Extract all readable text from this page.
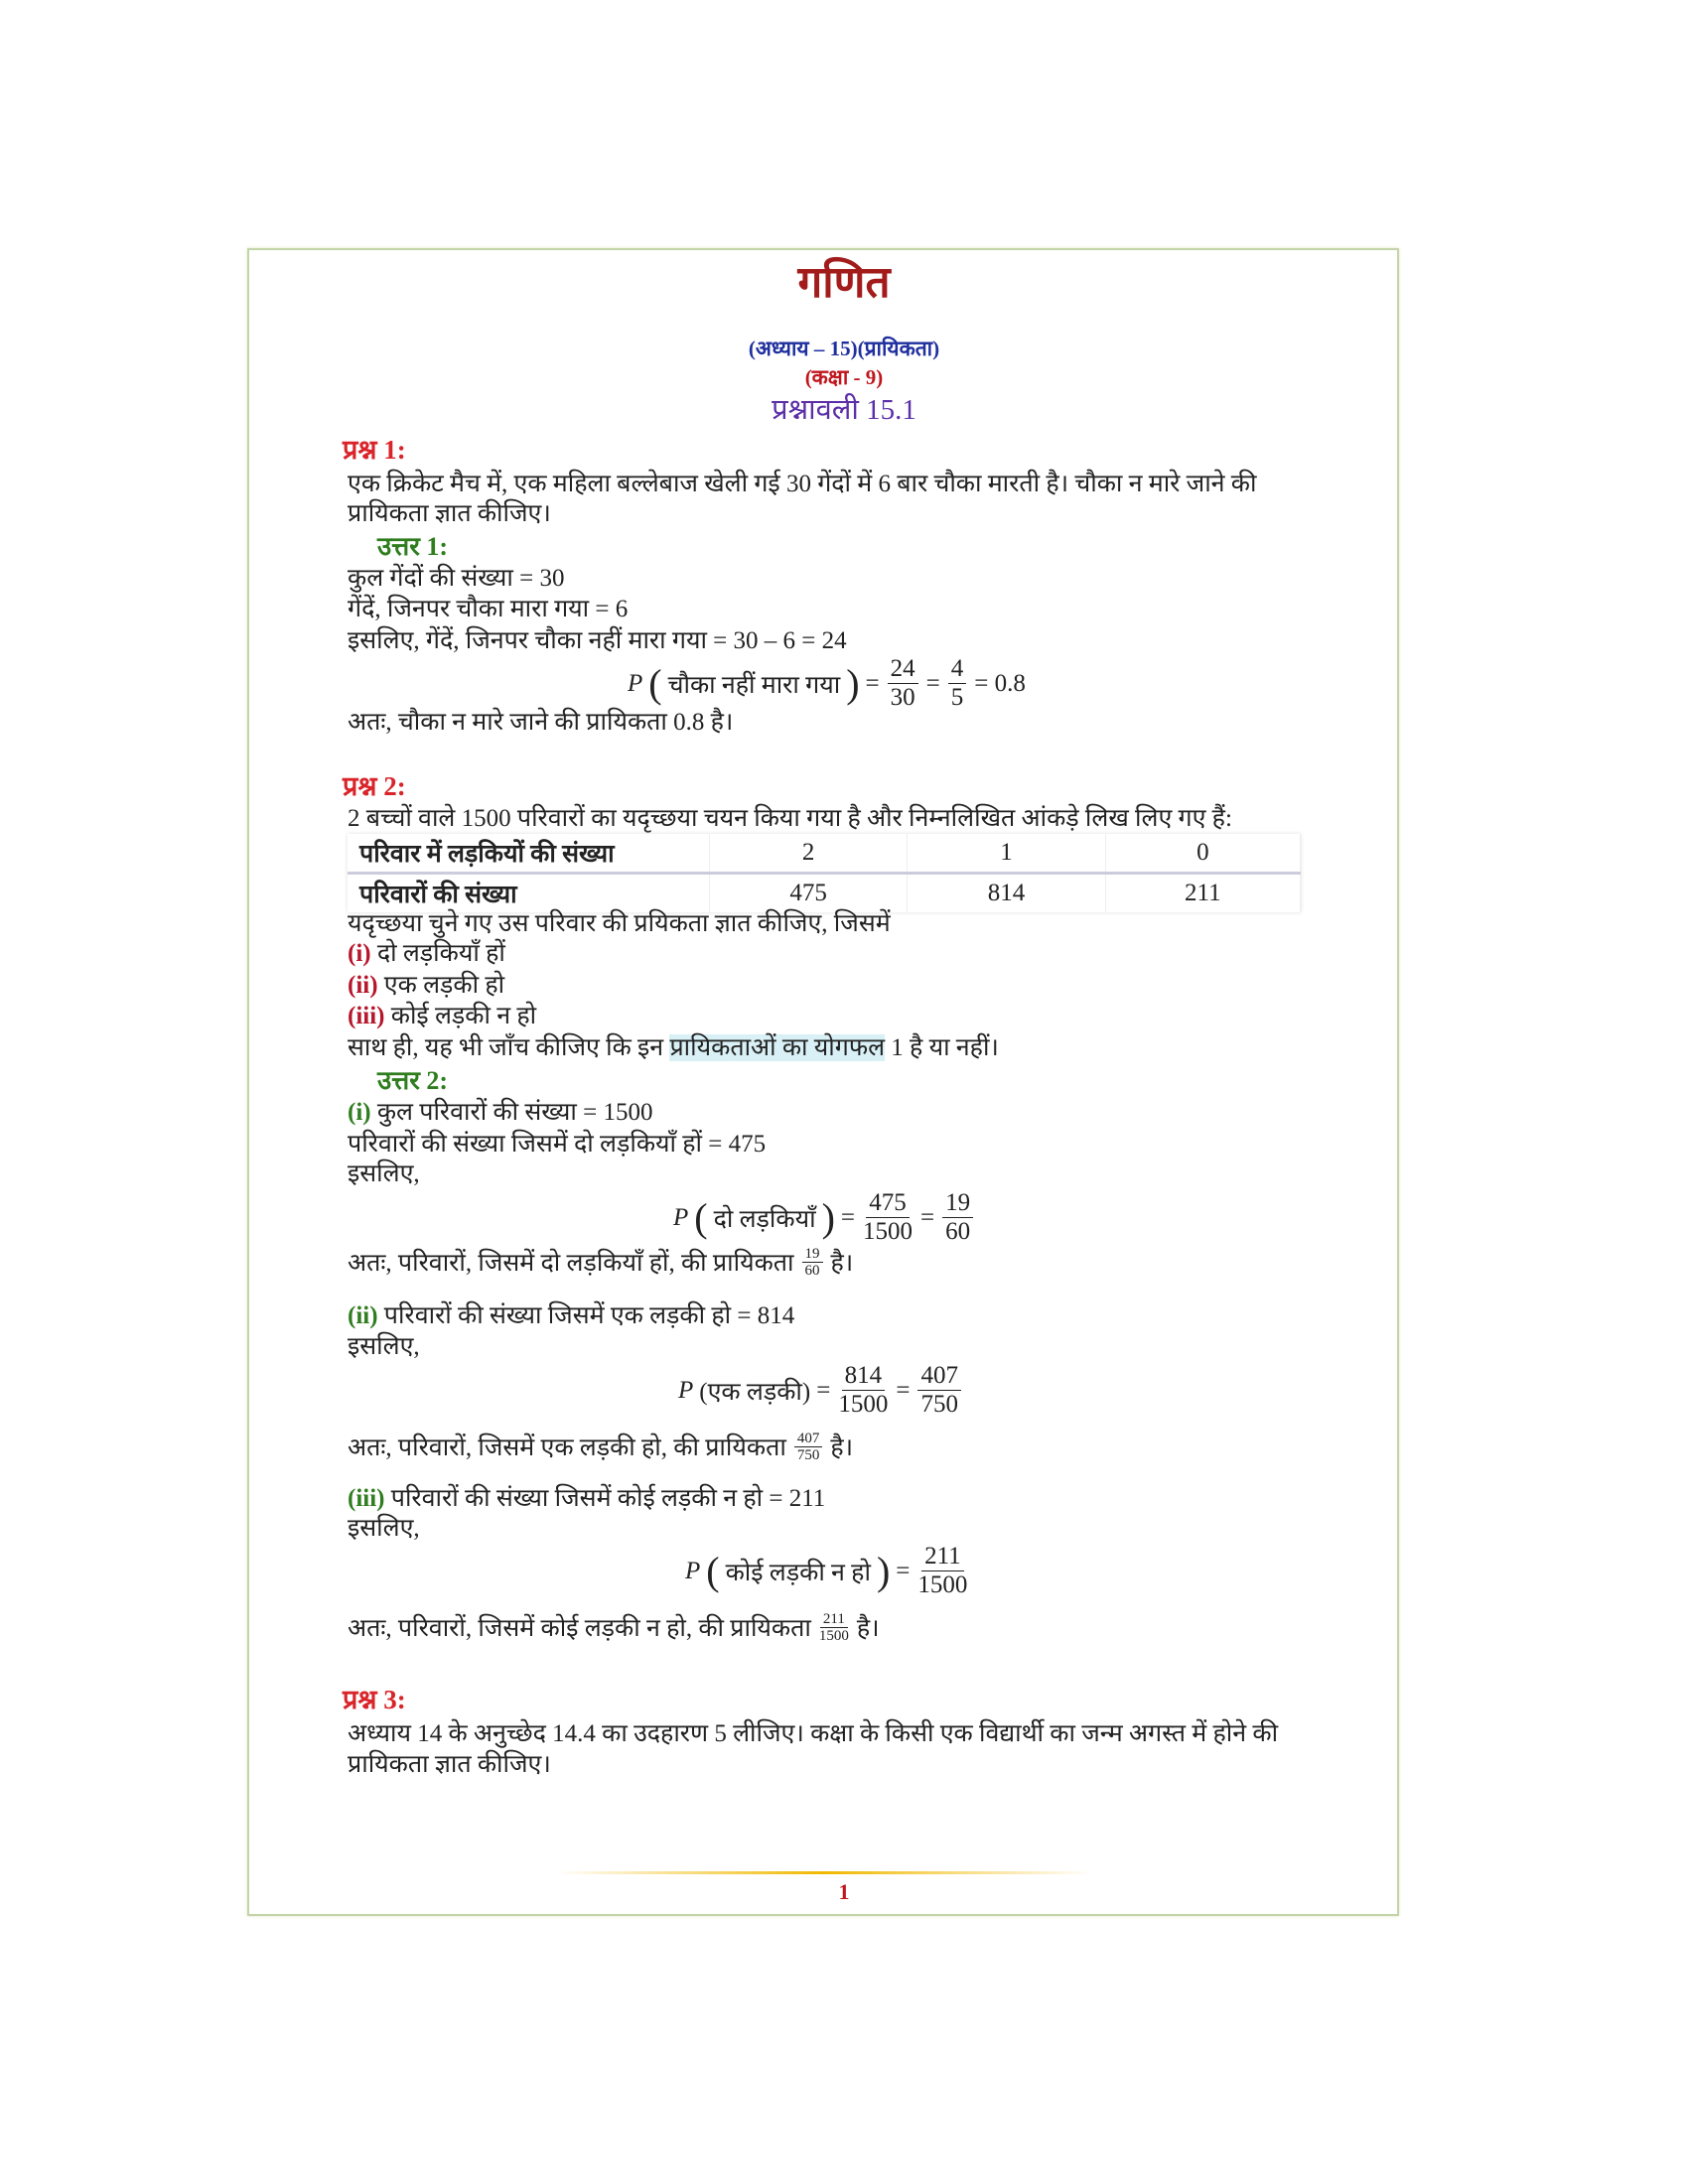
गणित
(अध्याय – 15)(प्रायिकता)
(कक्षा - 9)
प्रश्नावली 15.1
प्रश्न 1:
एक क्रिकेट मैच में, एक महिला बल्लेबाज खेली गई 30 गेंदों में 6 बार चौका मारती है। चौका न मारे जाने की
प्रायिकता ज्ञात कीजिए।
उत्तर 1:
कुल गेंदों की संख्या = 30
गेंदें, जिनपर चौका मारा गया = 6
इसलिए, गेंदें, जिनपर चौका नहीं मारा गया = 30 – 6 = 24
P ( चौका नहीं मारा गया ) = $\frac{24}{30} = \frac{4}{5} = 0.8$
अतः, चौका न मारे जाने की प्रायिकता 0.8 है।
प्रश्न 2:
2 बच्चों वाले 1500 परिवारों का यदृच्छया चयन किया गया है और निम्नलिखित आंकड़े लिख लिए गए हैं:
परिवार में लड़कियों की संख्या	2	1	0
परिवारों की संख्या	475	814	211
यदृच्छया चुने गए उस परिवार की प्रयिकता ज्ञात कीजिए, जिसमें
(i) दो लड़कियाँ हों
(ii) एक लड़की हो
(iii) कोई लड़की न हो
साथ ही, यह भी जाँच कीजिए कि इन प्रायिकताओं का योगफल 1 है या नहीं।
उत्तर 2:
(i) कुल परिवारों की संख्या = 1500
परिवारों की संख्या जिसमें दो लड़कियाँ हों = 475
इसलिए,
P ( दो लड़कियाँ ) = $\frac{475}{1500} = \frac{19}{60}$
अतः, परिवारों, जिसमें दो लड़कियाँ हों, की प्रायिकता $\frac{19}{60}$ है।
(ii) परिवारों की संख्या जिसमें एक लड़की हो = 814
इसलिए,
P (एक लड़की) = $\frac{814}{1500} = \frac{407}{750}$
अतः, परिवारों, जिसमें एक लड़की हो, की प्रायिकता $\frac{407}{750}$ है।
(iii) परिवारों की संख्या जिसमें कोई लड़की न हो = 211
इसलिए,
P ( कोई लड़की न हो ) = $\frac{211}{1500}$
अतः, परिवारों, जिसमें कोई लड़की न हो, की प्रायिकता $\frac{211}{1500}$ है।
प्रश्न 3:
अध्याय 14 के अनुच्छेद 14.4 का उदहारण 5 लीजिए। कक्षा के किसी एक विद्यार्थी का जन्म अगस्त में होने की
प्रायिकता ज्ञात कीजिए।
1
